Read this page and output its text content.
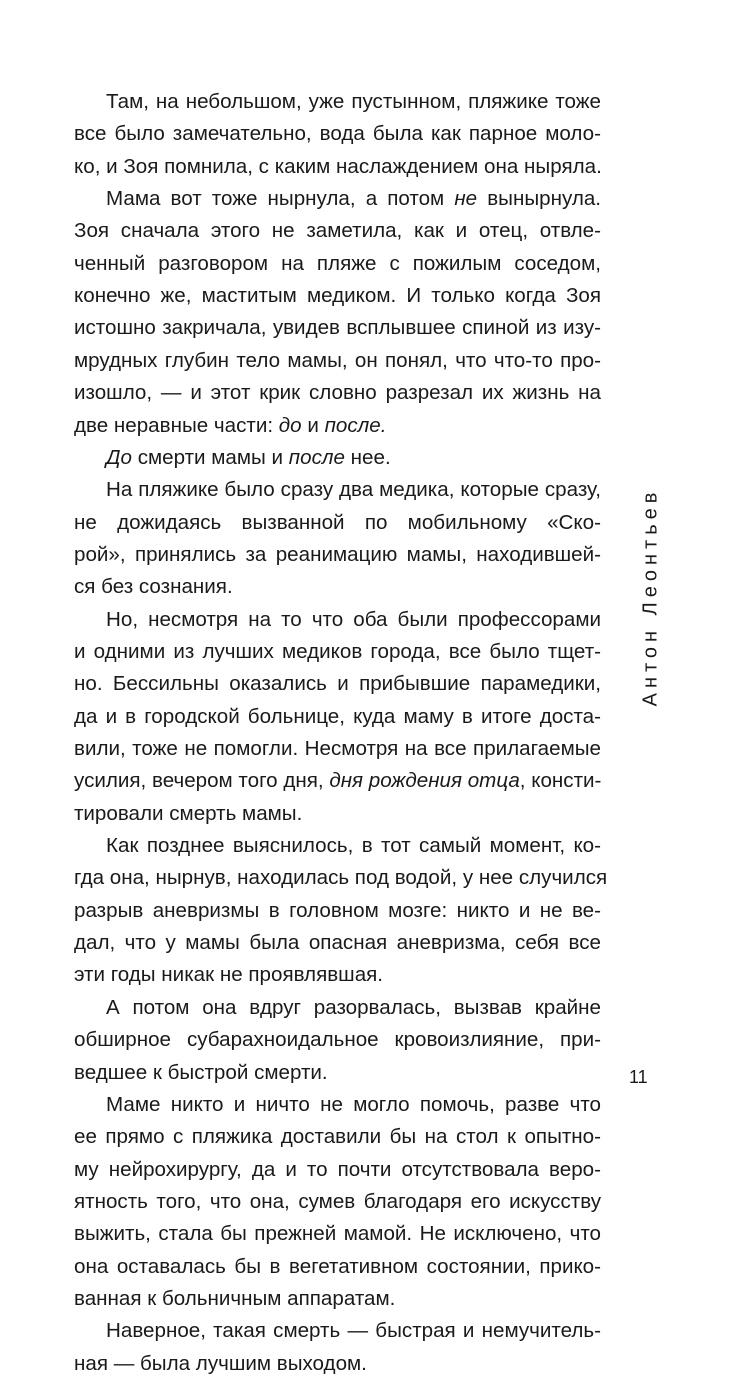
Там, на небольшом, уже пустынном, пляжике тоже
все было замечательно, вода была как парное моло-
ко, и Зоя помнила, с каким наслаждением она ныряла.
Мама вот тоже нырнула, а потом не вынырнула.
Зоя сначала этого не заметила, как и отец, отвле-
ченный разговором на пляже с пожилым соседом,
конечно же, маститым медиком. И только когда Зоя
истошно закричала, увидев всплывшее спиной из изу-
мрудных глубин тело мамы, он понял, что что-то про-
изошло, — и этот крик словно разрезал их жизнь на
две неравные части: до и после.
До смерти мамы и после нее.
На пляжике было сразу два медика, которые сразу,
не дожидаясь вызванной по мобильному «Ско-
рой», принялись за реанимацию мамы, находившей-
ся без сознания.
Но, несмотря на то что оба были профессорами
и одними из лучших медиков города, все было тщет-
но. Бессильны оказались и прибывшие парамедики,
да и в городской больнице, куда маму в итоге доста-
вили, тоже не помогли. Несмотря на все прилагаемые
усилия, вечером того дня, дня рождения отца, консти-
тировали смерть мамы.
Как позднее выяснилось, в тот самый момент, ко-
гда она, нырнув, находилась под водой, у нее случился
разрыв аневризмы в головном мозге: никто и не ве-
дал, что у мамы была опасная аневризма, себя все
эти годы никак не проявлявшая.
А потом она вдруг разорвалась, вызвав крайне
обширное субарахноидальное кровоизлияние, при-
ведшее к быстрой смерти.
Маме никто и ничто не могло помочь, разве что
ее прямо с пляжика доставили бы на стол к опытно-
му нейрохирургу, да и то почти отсутствовала веро-
ятность того, что она, сумев благодаря его искусству
выжить, стала бы прежней мамой. Не исключено, что
она оставалась бы в вегетативном состоянии, прико-
ванная к больничным аппаратам.
Наверное, такая смерть — быстрая и немучитель-
ная — была лучшим выходом.
Антон Леонтьев
11
